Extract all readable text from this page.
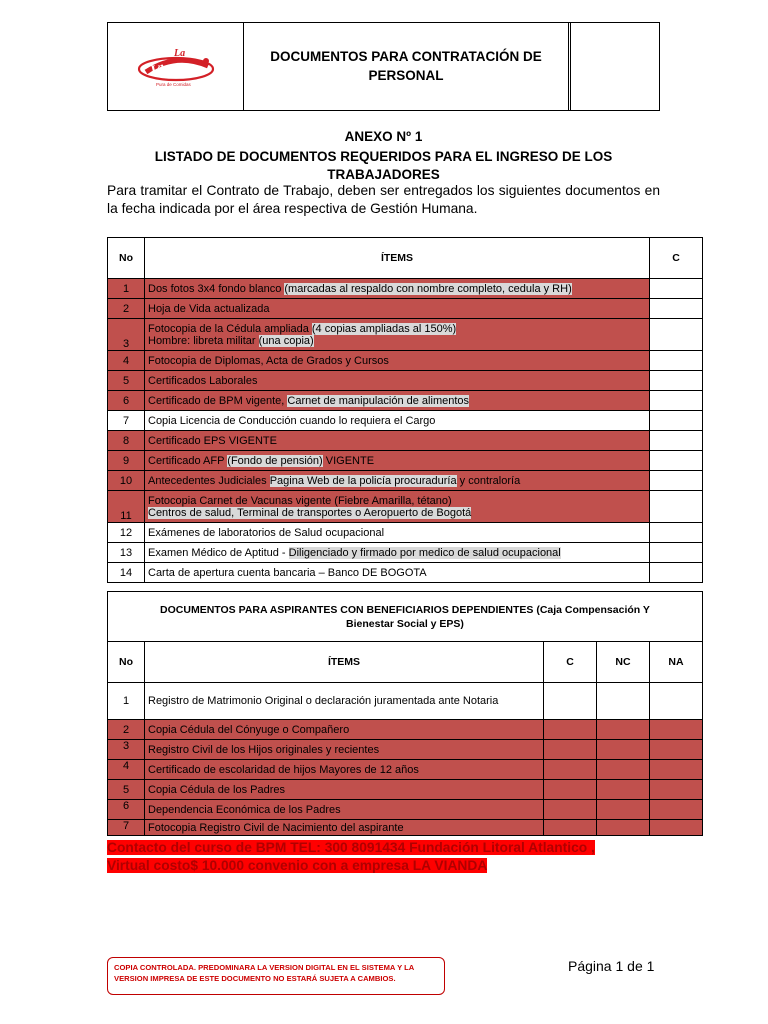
La
Vianda
Pura de Comidas
DOCUMENTOS PARA CONTRATACIÓN DE PERSONAL
ANEXO Nº 1
LISTADO DE DOCUMENTOS REQUERIDOS PARA EL INGRESO DE LOS TRABAJADORES
Para tramitar el Contrato de Trabajo, deben ser entregados los siguientes documentos en la fecha indicada por el área respectiva de Gestión Humana.
No	ÍTEMS	C
1	Dos fotos 3x4 fondo blanco (marcadas al respaldo con nombre completo, cedula y RH)	
2	Hoja de Vida actualizada	
3	Fotocopia de la Cédula ampliada (4 copias ampliadas al 150%)
Hombre: libreta militar (una copia)	

4	Fotocopia de Diplomas, Acta de Grados y Cursos	
5	Certificados Laborales	
6	Certificado de BPM vigente, Carnet de manipulación de alimentos	
7	Copia Licencia de Conducción cuando lo requiera el Cargo	
8	Certificado EPS VIGENTE	
9	Certificado AFP (Fondo de pensión) VIGENTE	
10	Antecedentes Judiciales Pagina Web de la policía procuraduría y contraloría	
11	Fotocopia Carnet de Vacunas vigente (Fiebre Amarilla, tétano)
Centros de salud, Terminal de transportes o Aeropuerto de Bogotá	

12	Exámenes de laboratorios de Salud ocupacional	
13	Examen Médico de Aptitud - Diligenciado y firmado por medico de salud ocupacional	
14	Carta de apertura cuenta bancaria – Banco DE BOGOTA	
DOCUMENTOS PARA ASPIRANTES CON BENEFICIARIOS DEPENDIENTES (Caja Compensación Y Bienestar Social y EPS)				
No	ÍTEMS	C	NC	NA
1	Registro de Matrimonio Original o declaración juramentada ante Notaria			
2	Copia Cédula del Cónyuge o Compañero			
3	Registro Civil de los Hijos originales y recientes			
4	Certificado de escolaridad de hijos Mayores de 12 años			
5	Copia Cédula de los Padres			
6	Dependencia Económica de los Padres			
7	Fotocopia Registro Civil de Nacimiento del aspirante			
Contacto del curso de BPM TEL: 300 8091434 Fundación Litoral Atlantico ,
Virtual costo$ 10.000 convenio con a empresa LA VIANDA
COPIA CONTROLADA. PREDOMINARA LA VERSION DIGITAL EN EL SISTEMA Y LA VERSION IMPRESA DE ESTE DOCUMENTO NO ESTARÁ SUJETA A CAMBIOS.
Página 1 de 1
